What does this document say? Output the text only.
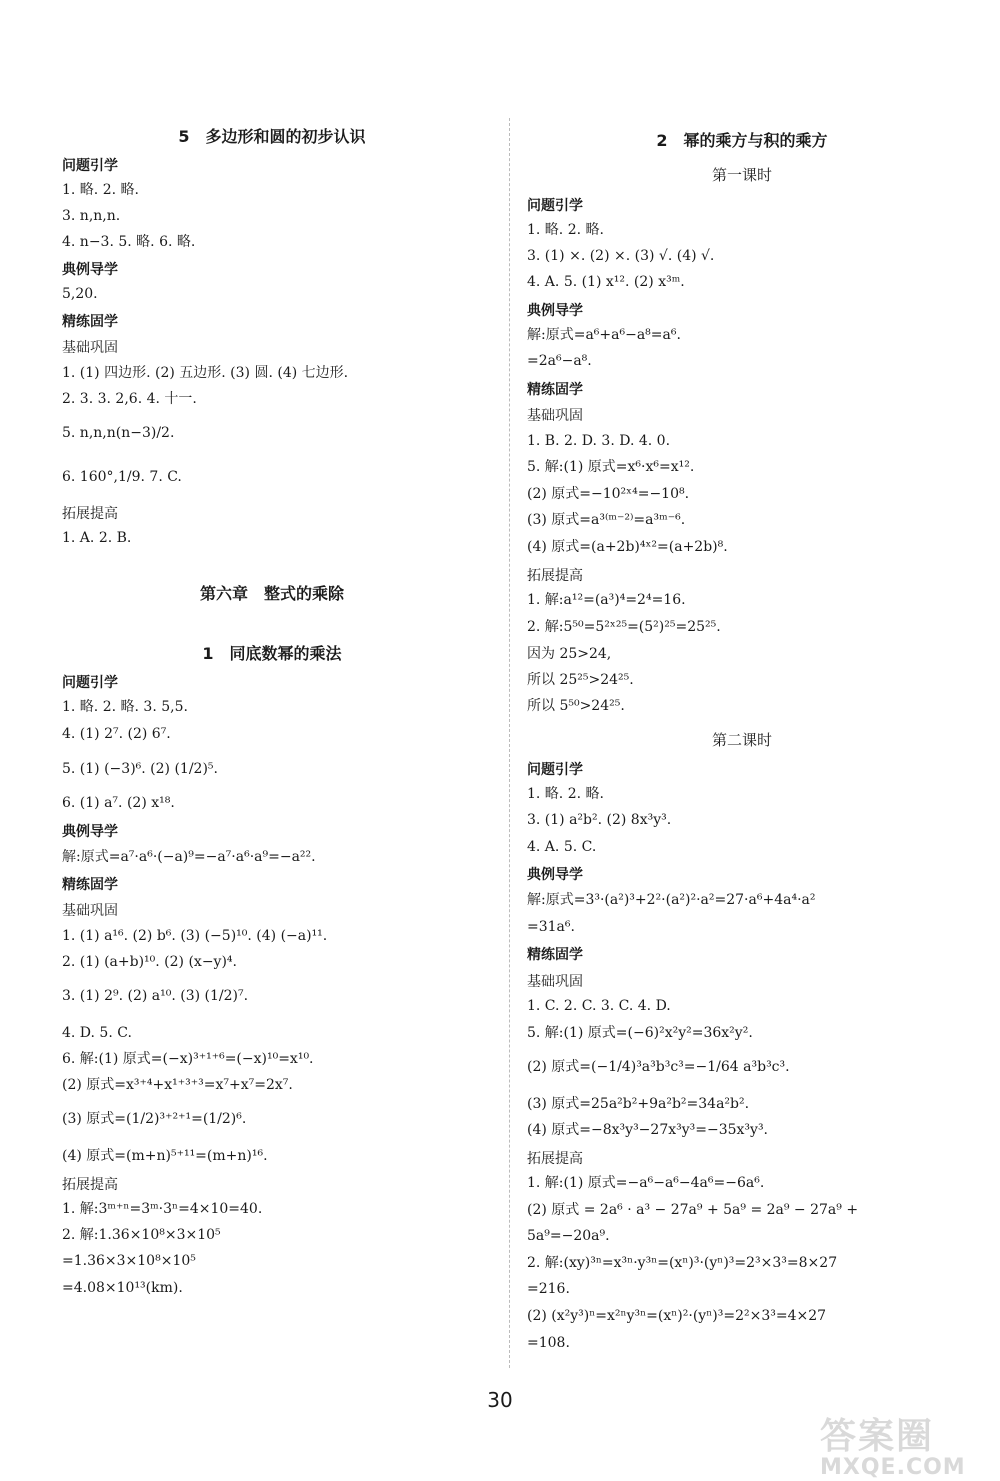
5　多边形和圆的初步认识
问题引学
1. 略. 2. 略.
3. n,n,n.
4. n−3. 5. 略. 6. 略.
典例导学
5,20.
精练固学
基础巩固
1. (1) 四边形. (2) 五边形. (3) 圆. (4) 七边形.
2. 3. 3. 2,6. 4. 十一.
5. n,n,n(n−3)/2.
6. 160°,1/9. 7. C.
拓展提高
1. A. 2. B.
第六章　整式的乘除
1　同底数幂的乘法
问题引学
1. 略. 2. 略. 3. 5,5.
4. (1) 2⁷. (2) 6⁷.
5. (1) (−3)⁶. (2) (1/2)⁵.
6. (1) a⁷. (2) x¹⁸.
典例导学
解:原式=a⁷·a⁶·(−a)⁹=−a⁷·a⁶·a⁹=−a²².
精练固学
基础巩固
1. (1) a¹⁶. (2) b⁶. (3) (−5)¹⁰. (4) (−a)¹¹.
2. (1) (a+b)¹⁰. (2) (x−y)⁴.
3. (1) 2⁹. (2) a¹⁰. (3) (1/2)⁷.
4. D. 5. C.
6. 解:(1) 原式=(−x)³⁺¹⁺⁶=(−x)¹⁰=x¹⁰.
(2) 原式=x³⁺⁴+x¹⁺³⁺³=x⁷+x⁷=2x⁷.
(3) 原式=(1/2)³⁺²⁺¹=(1/2)⁶.
(4) 原式=(m+n)⁵⁺¹¹=(m+n)¹⁶.
拓展提高
1. 解:3ᵐ⁺ⁿ=3ᵐ·3ⁿ=4×10=40.
2. 解:1.36×10⁸×3×10⁵
=1.36×3×10⁸×10⁵
=4.08×10¹³(km).
2　幂的乘方与积的乘方
第一课时
问题引学
1. 略. 2. 略.
3. (1) ×. (2) ×. (3) √. (4) √.
4. A. 5. (1) x¹². (2) x³ᵐ.
典例导学
解:原式=a⁶+a⁶−a⁸=a⁶.
=2a⁶−a⁸.
精练固学
基础巩固
1. B. 2. D. 3. D. 4. 0.
5. 解:(1) 原式=x⁶·x⁶=x¹².
(2) 原式=−10²ˣ⁴=−10⁸.
(3) 原式=a³⁽ᵐ⁻²⁾=a³ᵐ⁻⁶.
(4) 原式=(a+2b)⁴ˣ²=(a+2b)⁸.
拓展提高
1. 解:a¹²=(a³)⁴=2⁴=16.
2. 解:5⁵⁰=5²ˣ²⁵=(5²)²⁵=25²⁵.
因为 25>24,
所以 25²⁵>24²⁵.
所以 5⁵⁰>24²⁵.
第二课时
问题引学
1. 略. 2. 略.
3. (1) a²b². (2) 8x³y³.
4. A. 5. C.
典例导学
解:原式=3³·(a²)³+2²·(a²)²·a²=27·a⁶+4a⁴·a²
=31a⁶.
精练固学
基础巩固
1. C. 2. C. 3. C. 4. D.
5. 解:(1) 原式=(−6)²x²y²=36x²y².
(2) 原式=(−1/4)³a³b³c³=−1/64 a³b³c³.
(3) 原式=25a²b²+9a²b²=34a²b².
(4) 原式=−8x³y³−27x³y³=−35x³y³.
拓展提高
1. 解:(1) 原式=−a⁶−a⁶−4a⁶=−6a⁶.
(2) 原式 = 2a⁶ · a³ − 27a⁹ + 5a⁹ = 2a⁹ − 27a⁹ +
5a⁹=−20a⁹.
2. 解:(xy)³ⁿ=x³ⁿ·y³ⁿ=(xⁿ)³·(yⁿ)³=2³×3³=8×27
=216.
(2) (x²y³)ⁿ=x²ⁿy³ⁿ=(xⁿ)²·(yⁿ)³=2²×3³=4×27
=108.
30
答案圈
MXQE.COM
